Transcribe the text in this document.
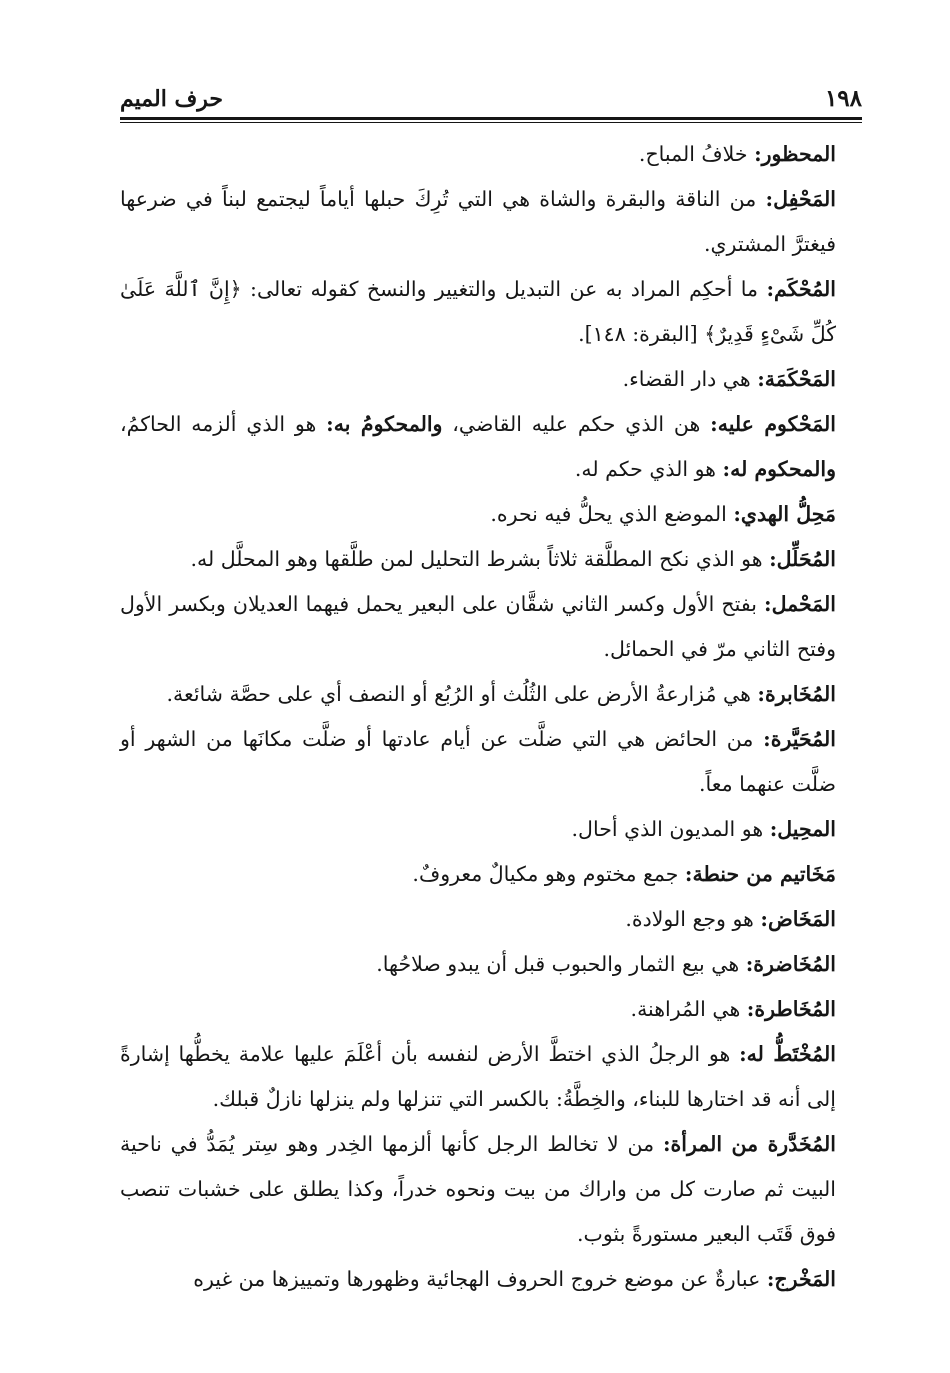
١٩٨
حرف الميم

المحظور: خلافُ المباح.

المَحْفِل: من الناقة والبقرة والشاة هي التي تُرِكَ حبلها أياماً ليجتمع لبناً في ضرعها فيغترَّ المشتري.

المُحْكَم: ما أحكِم المراد به عن التبديل والتغيير والنسخ كقوله تعالى: ﴿إِنَّ ٱللَّهَ عَلَىٰ كُلِّ شَىْءٍ قَدِيرٌ﴾ [البقرة: ١٤٨].

المَحْكَمَة: هي دار القضاء.

المَحْكوم عليه: هن الذي حكم عليه القاضي، والمحكومُ به: هو الذي ألزمه الحاكمُ، والمحكوم له: هو الذي حكم له.

مَحِلُّ الهدي: الموضع الذي يحلُّ فيه نحره.

المُحَلِّل: هو الذي نكح المطلَّقة ثلاثاً بشرط التحليل لمن طلَّقها وهو المحلَّل له.

المَحْمل: بفتح الأول وكسر الثاني شقَّان على البعير يحمل فيهما العديلان وبكسر الأول وفتح الثاني مرّ في الحمائل.

المُخَابرة: هي مُزارعةُ الأرض على الثُلُث أو الرُبُع أو النصف أي على حصَّة شائعة.

المُحَيَّرة: من الحائض هي التي ضلَّت عن أيام عادتها أو ضلَّت مكانَها من الشهر أو ضلَّت عنهما معاً.

المحِيل: هو المديون الذي أحال.

مَخَاتيم من حنطة: جمع مختوم وهو مكيالٌ معروفٌ.

المَخَاض: هو وجع الولادة.

المُخَاضرة: هي بيع الثمار والحبوب قبل أن يبدو صلاحُها.

المُخَاطرة: هي المُراهنة.

المُخْتَطُّ له: هو الرجلُ الذي اختطَّ الأرض لنفسه بأن أعْلَمَ عليها علامة يخطُّها إشارةً إلى أنه قد اختارها للبناء، والخِطَّةُ: بالكسر التي تنزلها ولم ينزلها نازلٌ قبلك.

المُخَدَّرة من المرأة: من لا تخالط الرجل كأنها ألزمها الخِدر وهو سِتر يُمَدُّ في ناحية البيت ثم صارت كل من واراك من بيت ونحوه خدراً، وكذا يطلق على خشبات تنصب فوق قَتَب البعير مستورةً بثوب.

المَخْرج: عبارةٌ عن موضع خروج الحروف الهجائية وظهورها وتمييزها من غيره
